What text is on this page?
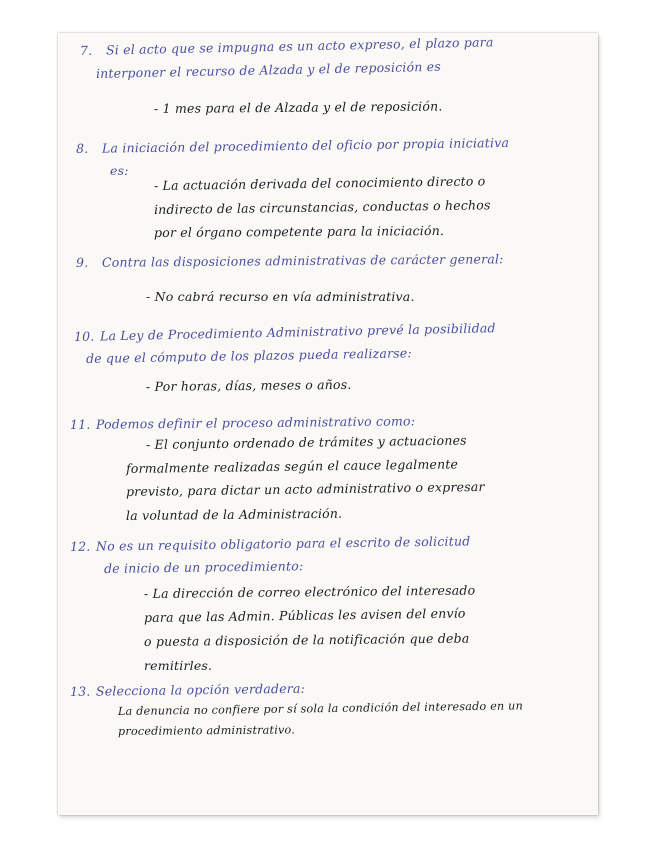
7. Si el acto que se impugna es un acto expreso, el plazo para
interponer el recurso de Alzada y el de reposición es
- 1 mes para el de Alzada y el de reposición.
8. La iniciación del procedimiento del oficio por propia iniciativa
es:
- La actuación derivada del conocimiento directo o
indirecto de las circunstancias, conductas o hechos
por el órgano competente para la iniciación.
9. Contra las disposiciones administrativas de carácter general:
- No cabrá recurso en vía administrativa.
10. La Ley de Procedimiento Administrativo prevé la posibilidad
de que el cómputo de los plazos pueda realizarse:
- Por horas, días, meses o años.
11. Podemos definir el proceso administrativo como:
- El conjunto ordenado de trámites y actuaciones
formalmente realizadas según el cauce legalmente
previsto, para dictar un acto administrativo o expresar
la voluntad de la Administración.
12. No es un requisito obligatorio para el escrito de solicitud
de inicio de un procedimiento:
- La dirección de correo electrónico del interesado
para que las Admin. Públicas les avisen del envío
o puesta a disposición de la notificación que deba
remitirles.
13. Selecciona la opción verdadera:
La denuncia no confiere por sí sola la condición del interesado en un
procedimiento administrativo.
